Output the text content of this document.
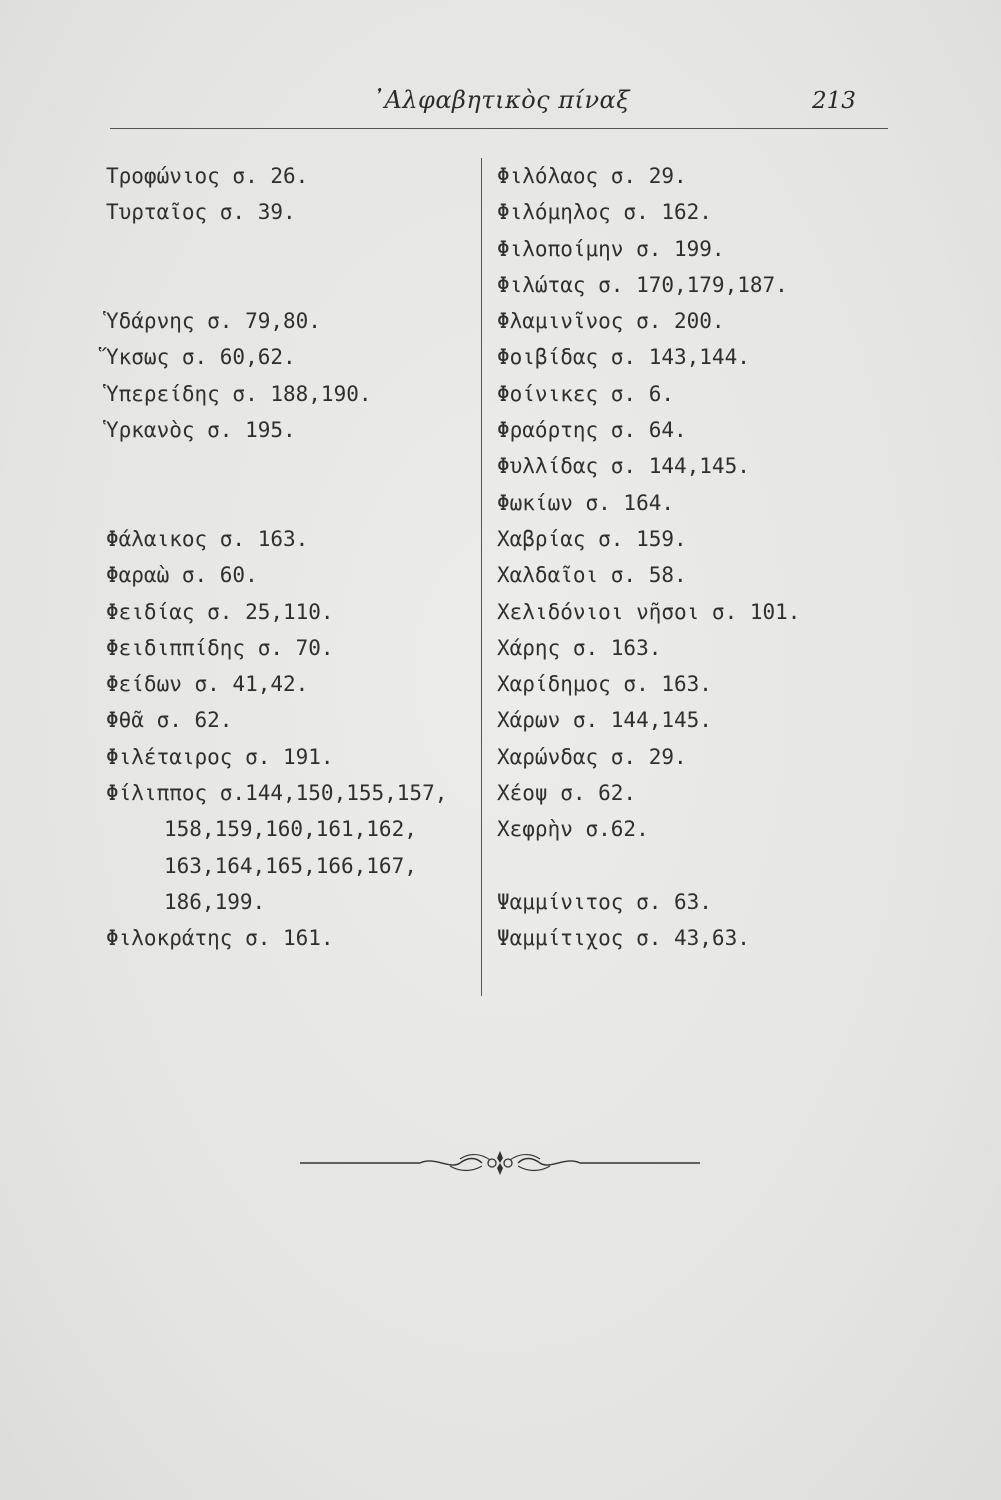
᾿Αλφαβητικὸς πίναξ	213
Τροφώνιος σ. 26.
Τυρταῖος σ. 39.
Ὑδάρνης σ. 79,80.
Ὕκσως σ. 60,62.
Ὑπερείδης σ. 188,190.
Ὑρκανὸς σ. 195.
Φάλαικος σ. 163.
Φαραὼ σ. 60.
Φειδίας σ. 25,110.
Φειδιππίδης σ. 70.
Φείδων σ. 41,42.
Φθᾶ σ. 62.
Φιλέταιρος σ. 191.
Φίλιππος σ.144,150,155,157,
158,159,160,161,162,
163,164,165,166,167,
186,199.
Φιλοκράτης σ. 161.
Φιλόλαος σ. 29.
Φιλόμηλος σ. 162.
Φιλοποίμην σ. 199.
Φιλώτας σ. 170,179,187.
Φλαμινῖνος σ. 200.
Φοιβίδας σ. 143,144.
Φοίνικες σ. 6.
Φραόρτης σ. 64.
Φυλλίδας σ. 144,145.
Φωκίων σ. 164.
Χαβρίας σ. 159.
Χαλδαῖοι σ. 58.
Χελιδόνιοι νῆσοι σ. 101.
Χάρης σ. 163.
Χαρίδημος σ. 163.
Χάρων σ. 144,145.
Χαρώνδας σ. 29.
Χέοψ σ. 62.
Χεφρὴν σ.62.
Ψαμμίνιτος σ. 63.
Ψαμμίτιχος σ. 43,63.
